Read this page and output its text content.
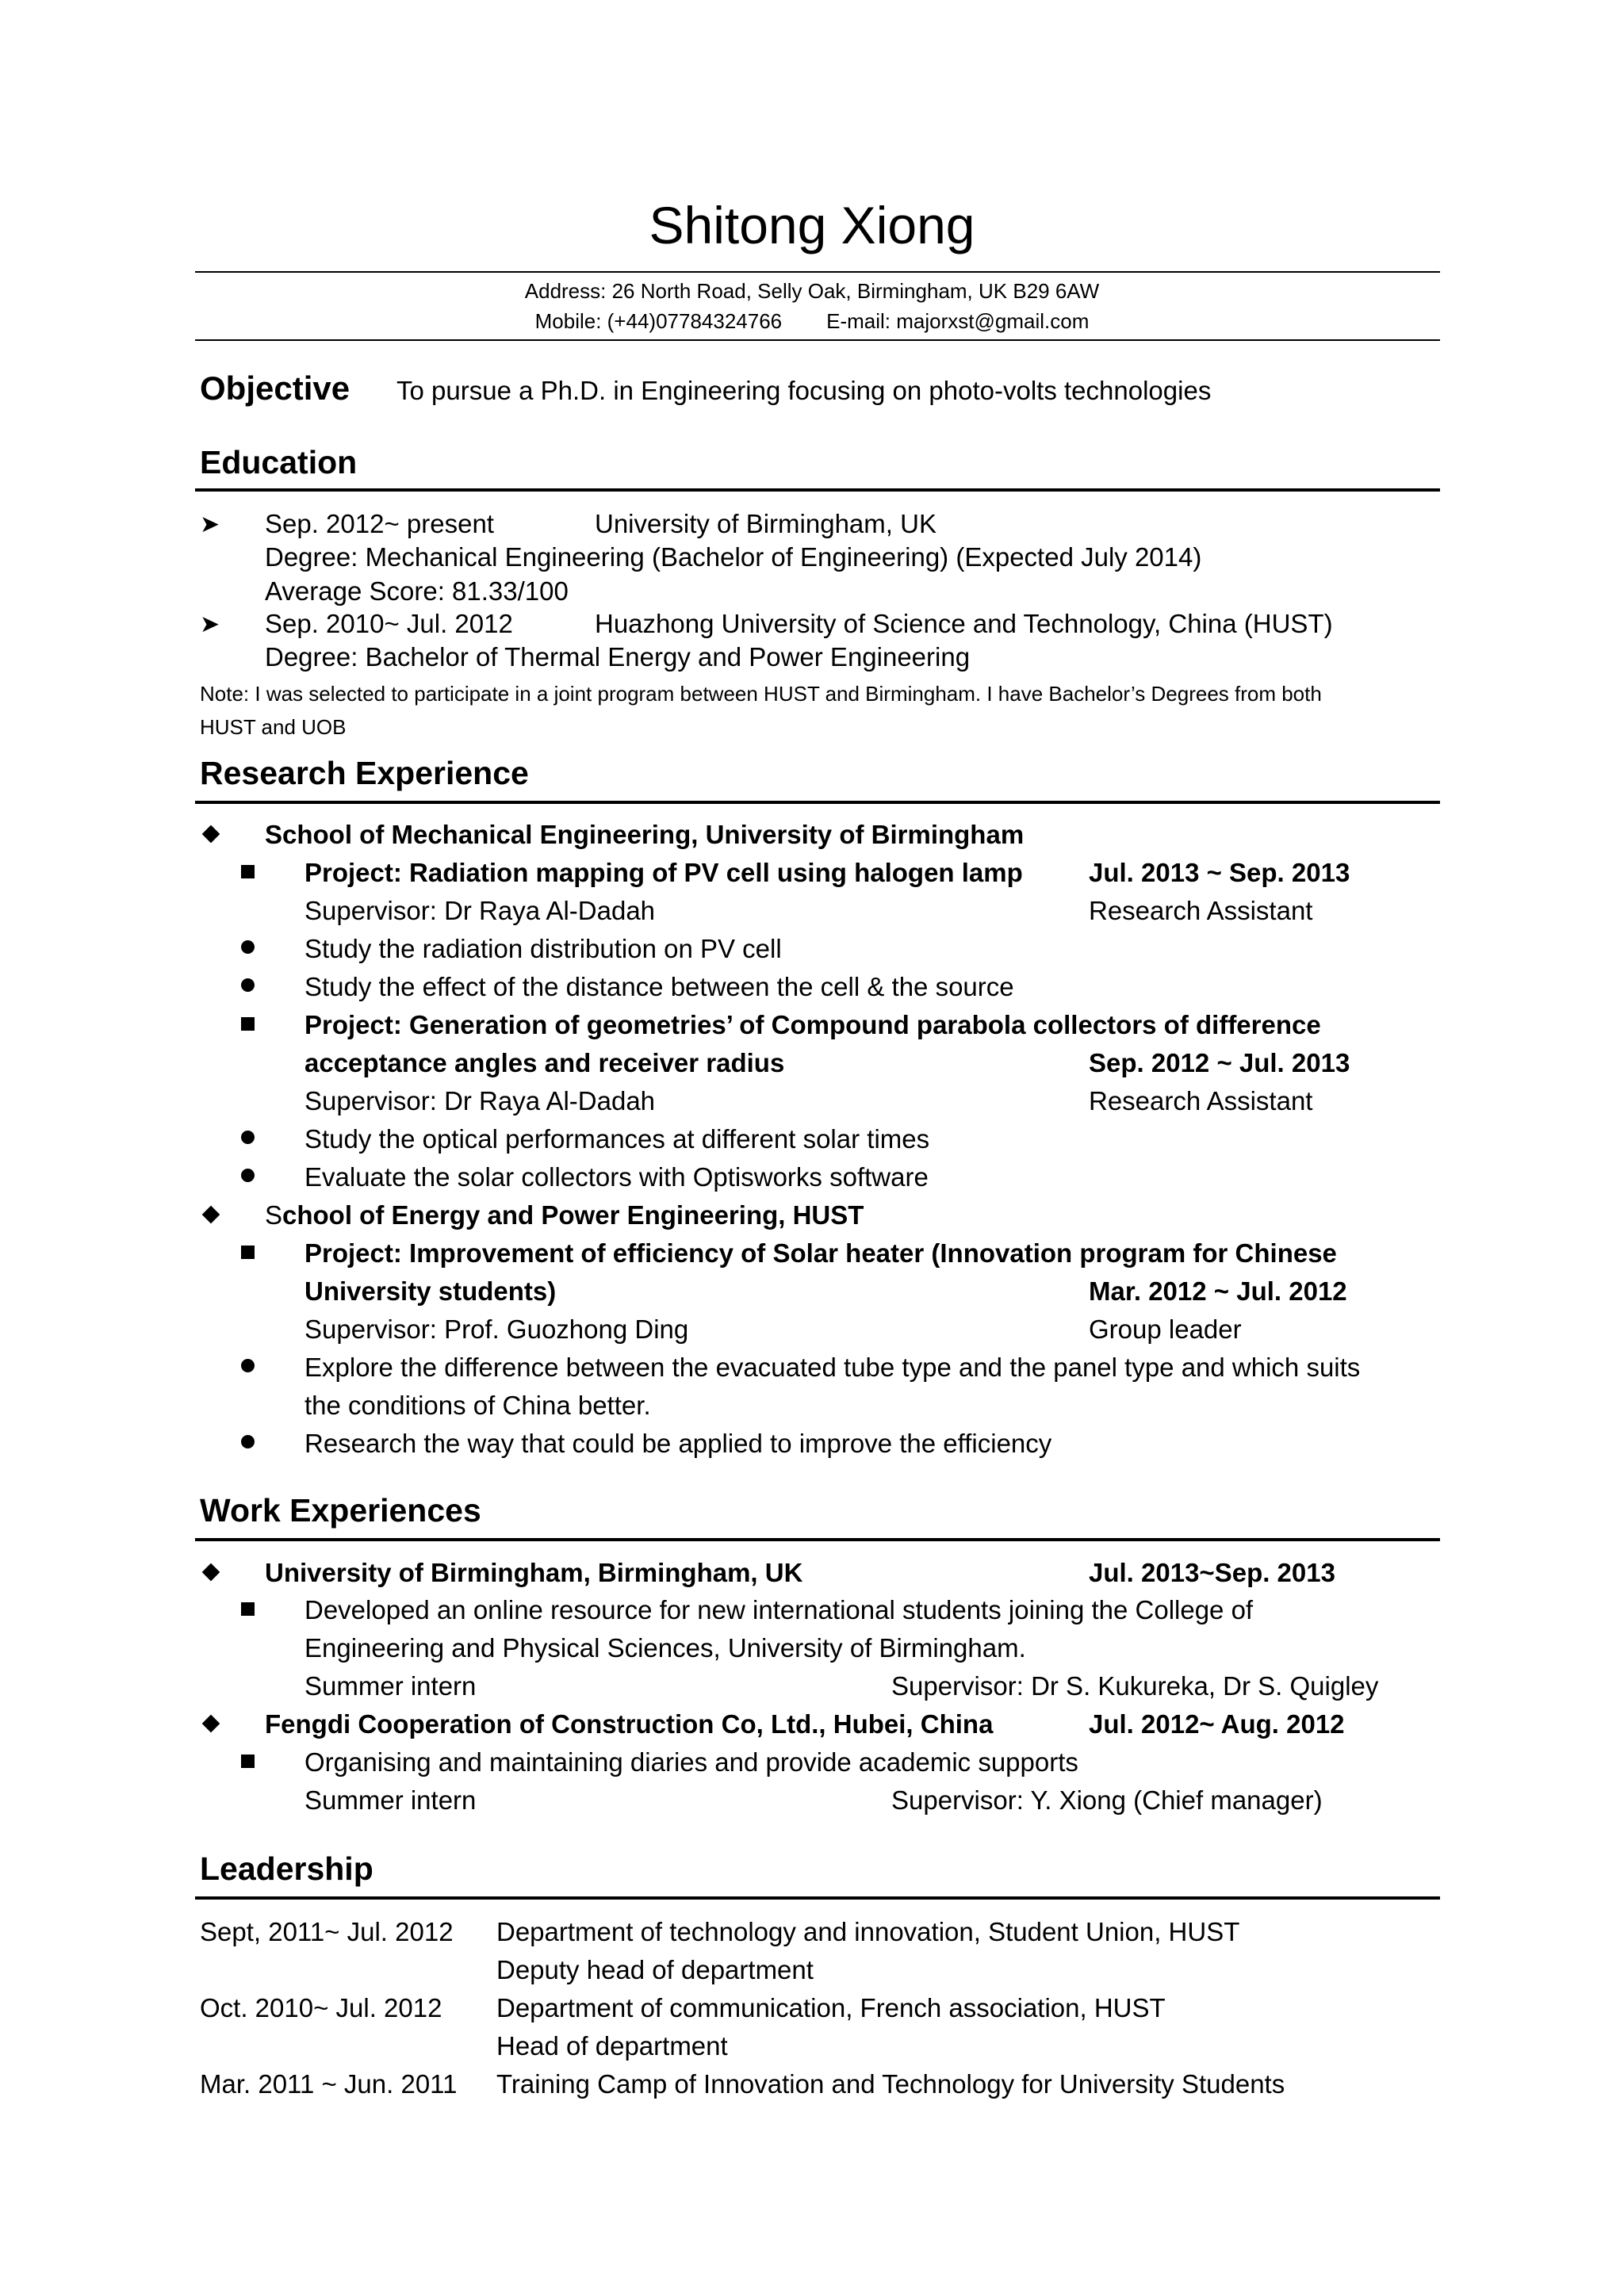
Shitong Xiong
Address: 26 North Road, Selly Oak, Birmingham, UK B29 6AW
Mobile: (+44)07784324766 E-mail: majorxst@gmail.com
Objective To pursue a Ph.D. in Engineering focusing on photo-volts technologies
Education
➤ Sep. 2012~ present	University of Birmingham, UK
Degree: Mechanical Engineering (Bachelor of Engineering) (Expected July 2014)
Average Score: 81.33/100
➤ Sep. 2010~ Jul. 2012	Huazhong University of Science and Technology, China (HUST)
Degree: Bachelor of Thermal Energy and Power Engineering
Note: I was selected to participate in a joint program between HUST and Birmingham. I have Bachelor’s Degrees from both
HUST and UOB
Research Experience
School of Mechanical Engineering, University of Birmingham
Project: Radiation mapping of PV cell using halogen lamp	Jul. 2013 ~ Sep. 2013
Supervisor: Dr Raya Al-Dadah	Research Assistant
Study the radiation distribution on PV cell
Study the effect of the distance between the cell & the source
Project: Generation of geometries’ of Compound parabola collectors of difference
acceptance angles and receiver radius	Sep. 2012 ~ Jul. 2013
Supervisor: Dr Raya Al-Dadah	Research Assistant
Study the optical performances at different solar times
Evaluate the solar collectors with Optisworks software
School of Energy and Power Engineering, HUST
Project: Improvement of efficiency of Solar heater (Innovation program for Chinese
University students)	Mar. 2012 ~ Jul. 2012
Supervisor: Prof. Guozhong Ding	Group leader
Explore the difference between the evacuated tube type and the panel type and which suits
the conditions of China better.
Research the way that could be applied to improve the efficiency
Work Experiences
University of Birmingham, Birmingham, UK	Jul. 2013~Sep. 2013
Developed an online resource for new international students joining the College of
Engineering and Physical Sciences, University of Birmingham.
Summer intern	Supervisor: Dr S. Kukureka, Dr S. Quigley
Fengdi Cooperation of Construction Co, Ltd., Hubei, China	Jul. 2012~ Aug. 2012
Organising and maintaining diaries and provide academic supports
Summer intern	Supervisor: Y. Xiong (Chief manager)
Leadership
Sept, 2011~ Jul. 2012 Department of technology and innovation, Student Union, HUST
Deputy head of department
Oct. 2010~ Jul. 2012 Department of communication, French association, HUST
Head of department
Mar. 2011 ~ Jun. 2011 Training Camp of Innovation and Technology for University Students
